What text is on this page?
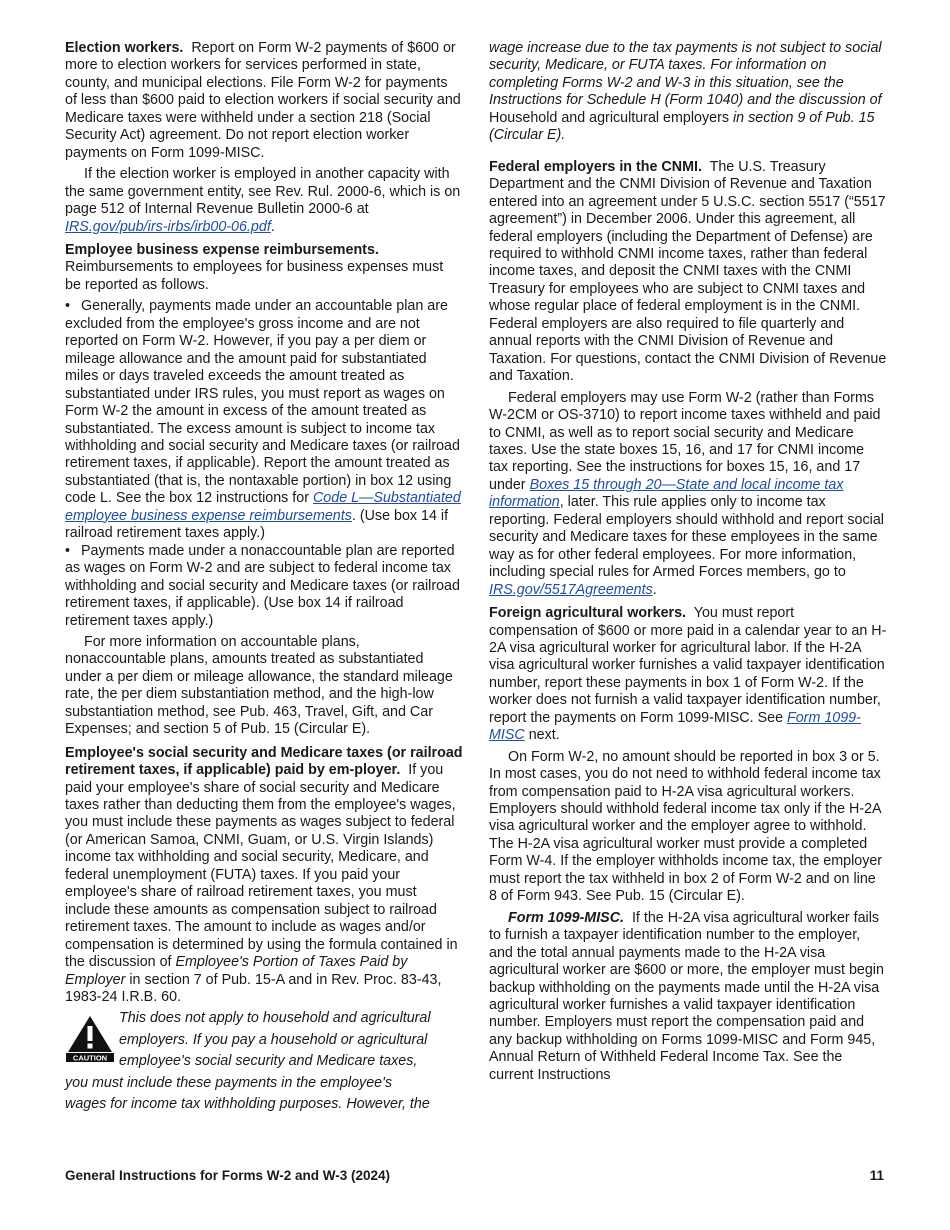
Election workers. Report on Form W-2 payments of $600 or more to election workers for services performed in state, county, and municipal elections. File Form W-2 for payments of less than $600 paid to election workers if social security and Medicare taxes were withheld under a section 218 (Social Security Act) agreement. Do not report election worker payments on Form 1099-MISC.

If the election worker is employed in another capacity with the same government entity, see Rev. Rul. 2000-6, which is on page 512 of Internal Revenue Bulletin 2000-6 at IRS.gov/pub/irs-irbs/irb00-06.pdf.

Employee business expense reimbursements.
Reimbursements to employees for business expenses must be reported as follows.

• Generally, payments made under an accountable plan are excluded from the employee's gross income and are not reported on Form W-2. However, if you pay a per diem or mileage allowance and the amount paid for substantiated miles or days traveled exceeds the amount treated as substantiated under IRS rules, you must report as wages on Form W-2 the amount in excess of the amount treated as substantiated. The excess amount is subject to income tax withholding and social security and Medicare taxes (or railroad retirement taxes, if applicable). Report the amount treated as substantiated (that is, the nontaxable portion) in box 12 using code L. See the box 12 instructions for Code L—Substantiated employee business expense reimbursements. (Use box 14 if railroad retirement taxes apply.)

• Payments made under a nonaccountable plan are reported as wages on Form W-2 and are subject to federal income tax withholding and social security and Medicare taxes (or railroad retirement taxes, if applicable). (Use box 14 if railroad retirement taxes apply.)

For more information on accountable plans, nonaccountable plans, amounts treated as substantiated under a per diem or mileage allowance, the standard mileage rate, the per diem substantiation method, and the high-low substantiation method, see Pub. 463, Travel, Gift, and Car Expenses; and section 5 of Pub. 15 (Circular E).

Employee's social security and Medicare taxes (or railroad retirement taxes, if applicable) paid by em-ployer. If you paid your employee's share of social security and Medicare taxes rather than deducting them from the employee's wages, you must include these payments as wages subject to federal (or American Samoa, CNMI, Guam, or U.S. Virgin Islands) income tax withholding and social security, Medicare, and federal unemployment (FUTA) taxes. If you paid your employee's share of railroad retirement taxes, you must include these amounts as compensation subject to railroad retirement taxes. The amount to include as wages and/or compensation is determined by using the formula contained in the discussion of Employee's Portion of Taxes Paid by Employer in section 7 of Pub. 15-A and in Rev. Proc. 83-43, 1983-24 I.R.B. 60.

CAUTION

This does not apply to household and agricultural

employers. If you pay a household or agricultural

employee's social security and Medicare taxes,

you must include these payments in the employee's

wages for income tax withholding purposes. However, the

wage increase due to the tax payments is not subject to social security, Medicare, or FUTA taxes. For information on completing Forms W-2 and W-3 in this situation, see the Instructions for Schedule H (Form 1040) and the discussion of Household and agricultural employers in section 9 of Pub. 15 (Circular E).

Federal employers in the CNMI. The U.S. Treasury Department and the CNMI Division of Revenue and Taxation entered into an agreement under 5 U.S.C. section 5517 (“5517 agreement”) in December 2006. Under this agreement, all federal employers (including the Department of Defense) are required to withhold CNMI income taxes, rather than federal income taxes, and deposit the CNMI taxes with the CNMI Treasury for employees who are subject to CNMI taxes and whose regular place of federal employment is in the CNMI. Federal employers are also required to file quarterly and annual reports with the CNMI Division of Revenue and Taxation. For questions, contact the CNMI Division of Revenue and Taxation.

Federal employers may use Form W-2 (rather than Forms W-2CM or OS-3710) to report income taxes withheld and paid to CNMI, as well as to report social security and Medicare taxes. Use the state boxes 15, 16, and 17 for CNMI income tax reporting. See the instructions for boxes 15, 16, and 17 under Boxes 15 through 20—State and local income tax information, later. This rule applies only to income tax reporting. Federal employers should withhold and report social security and Medicare taxes for these employees in the same way as for other federal employees. For more information, including special rules for Armed Forces members, go to IRS.gov/5517Agreements.

Foreign agricultural workers. You must report compensation of $600 or more paid in a calendar year to an H-2A visa agricultural worker for agricultural labor. If the H-2A visa agricultural worker furnishes a valid taxpayer identification number, report these payments in box 1 of Form W-2. If the worker does not furnish a valid taxpayer identification number, report the payments on Form 1099-MISC. See Form 1099-MISC next.

On Form W-2, no amount should be reported in box 3 or 5. In most cases, you do not need to withhold federal income tax from compensation paid to H-2A visa agricultural workers. Employers should withhold federal income tax only if the H-2A visa agricultural worker and the employer agree to withhold. The H-2A visa agricultural worker must provide a completed Form W-4. If the employer withholds income tax, the employer must report the tax withheld in box 2 of Form W-2 and on line 8 of Form 943. See Pub. 15 (Circular E).

Form 1099-MISC. If the H-2A visa agricultural worker fails to furnish a taxpayer identification number to the employer, and the total annual payments made to the H-2A visa agricultural worker are $600 or more, the employer must begin backup withholding on the payments made until the H-2A visa agricultural worker furnishes a valid taxpayer identification number. Employers must report the compensation paid and any backup withholding on Forms 1099-MISC and Form 945, Annual Return of Withheld Federal Income Tax. See the current Instructions

General Instructions for Forms W-2 and W-3 (2024)	11
